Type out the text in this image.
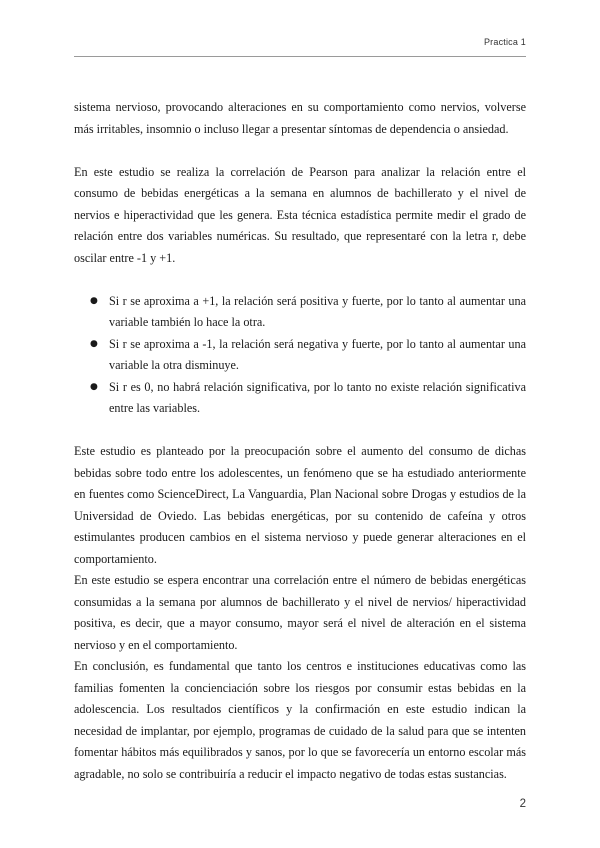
Practica 1

sistema nervioso, provocando alteraciones en su comportamiento como nervios, volverse más irritables, insomnio o incluso llegar a presentar síntomas de dependencia o ansiedad.

En este estudio se realiza la correlación de Pearson para analizar la relación entre el consumo de bebidas energéticas a la semana en alumnos de bachillerato y el nivel de nervios e hiperactividad que les genera. Esta técnica estadística permite medir el grado de relación entre dos variables numéricas. Su resultado, que representaré con la letra r, debe oscilar entre -1 y +1.

● Si r se aproxima a +1, la relación será positiva y fuerte, por lo tanto al aumentar una variable también lo hace la otra.
● Si r se aproxima a -1, la relación será negativa y fuerte, por lo tanto al aumentar una variable la otra disminuye.
● Si r es 0, no habrá relación significativa, por lo tanto no existe relación significativa entre las variables.

Este estudio es planteado por la preocupación sobre el aumento del consumo de dichas bebidas sobre todo entre los adolescentes, un fenómeno que se ha estudiado anteriormente en fuentes como ScienceDirect, La Vanguardia, Plan Nacional sobre Drogas y estudios de la Universidad de Oviedo. Las bebidas energéticas, por su contenido de cafeína y otros estimulantes producen cambios en el sistema nervioso y puede generar alteraciones en el comportamiento.

En este estudio se espera encontrar una correlación entre el número de bebidas energéticas consumidas a la semana por alumnos de bachillerato y el nivel de nervios/ hiperactividad positiva, es decir, que a mayor consumo, mayor será el nivel de alteración en el sistema nervioso y en el comportamiento.

En conclusión, es fundamental que tanto los centros e instituciones educativas como las familias fomenten la concienciación sobre los riesgos por consumir estas bebidas en la adolescencia. Los resultados científicos y la confirmación en este estudio indican la necesidad de implantar, por ejemplo, programas de cuidado de la salud para que se intenten fomentar hábitos más equilibrados y sanos, por lo que se favorecería un entorno escolar más agradable, no solo se contribuiría a reducir el impacto negativo de todas estas sustancias.

2
